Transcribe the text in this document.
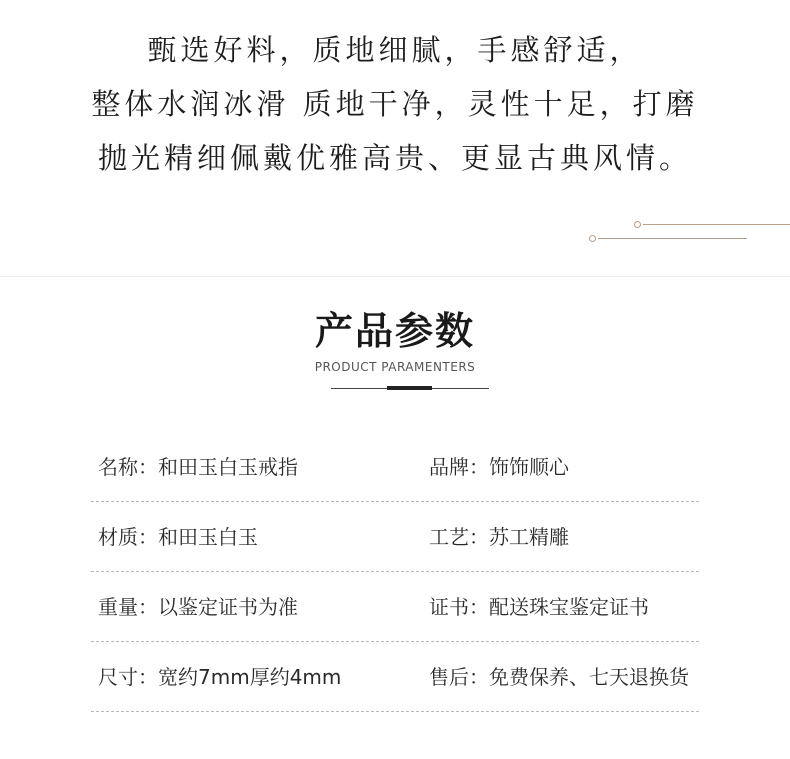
甄选好料，质地细腻，手感舒适，
整体水润冰滑 质地干净，灵性十足，打磨
抛光精细佩戴优雅高贵、更显古典风情。
产品参数
PRODUCT PARAMENTERS
名称：和田玉白玉戒指	品牌：饰饰顺心
材质：和田玉白玉	工艺：苏工精雕
重量：以鉴定证书为准	证书：配送珠宝鉴定证书
尺寸：宽约7mm厚约4mm	售后：免费保养、七天退换货
